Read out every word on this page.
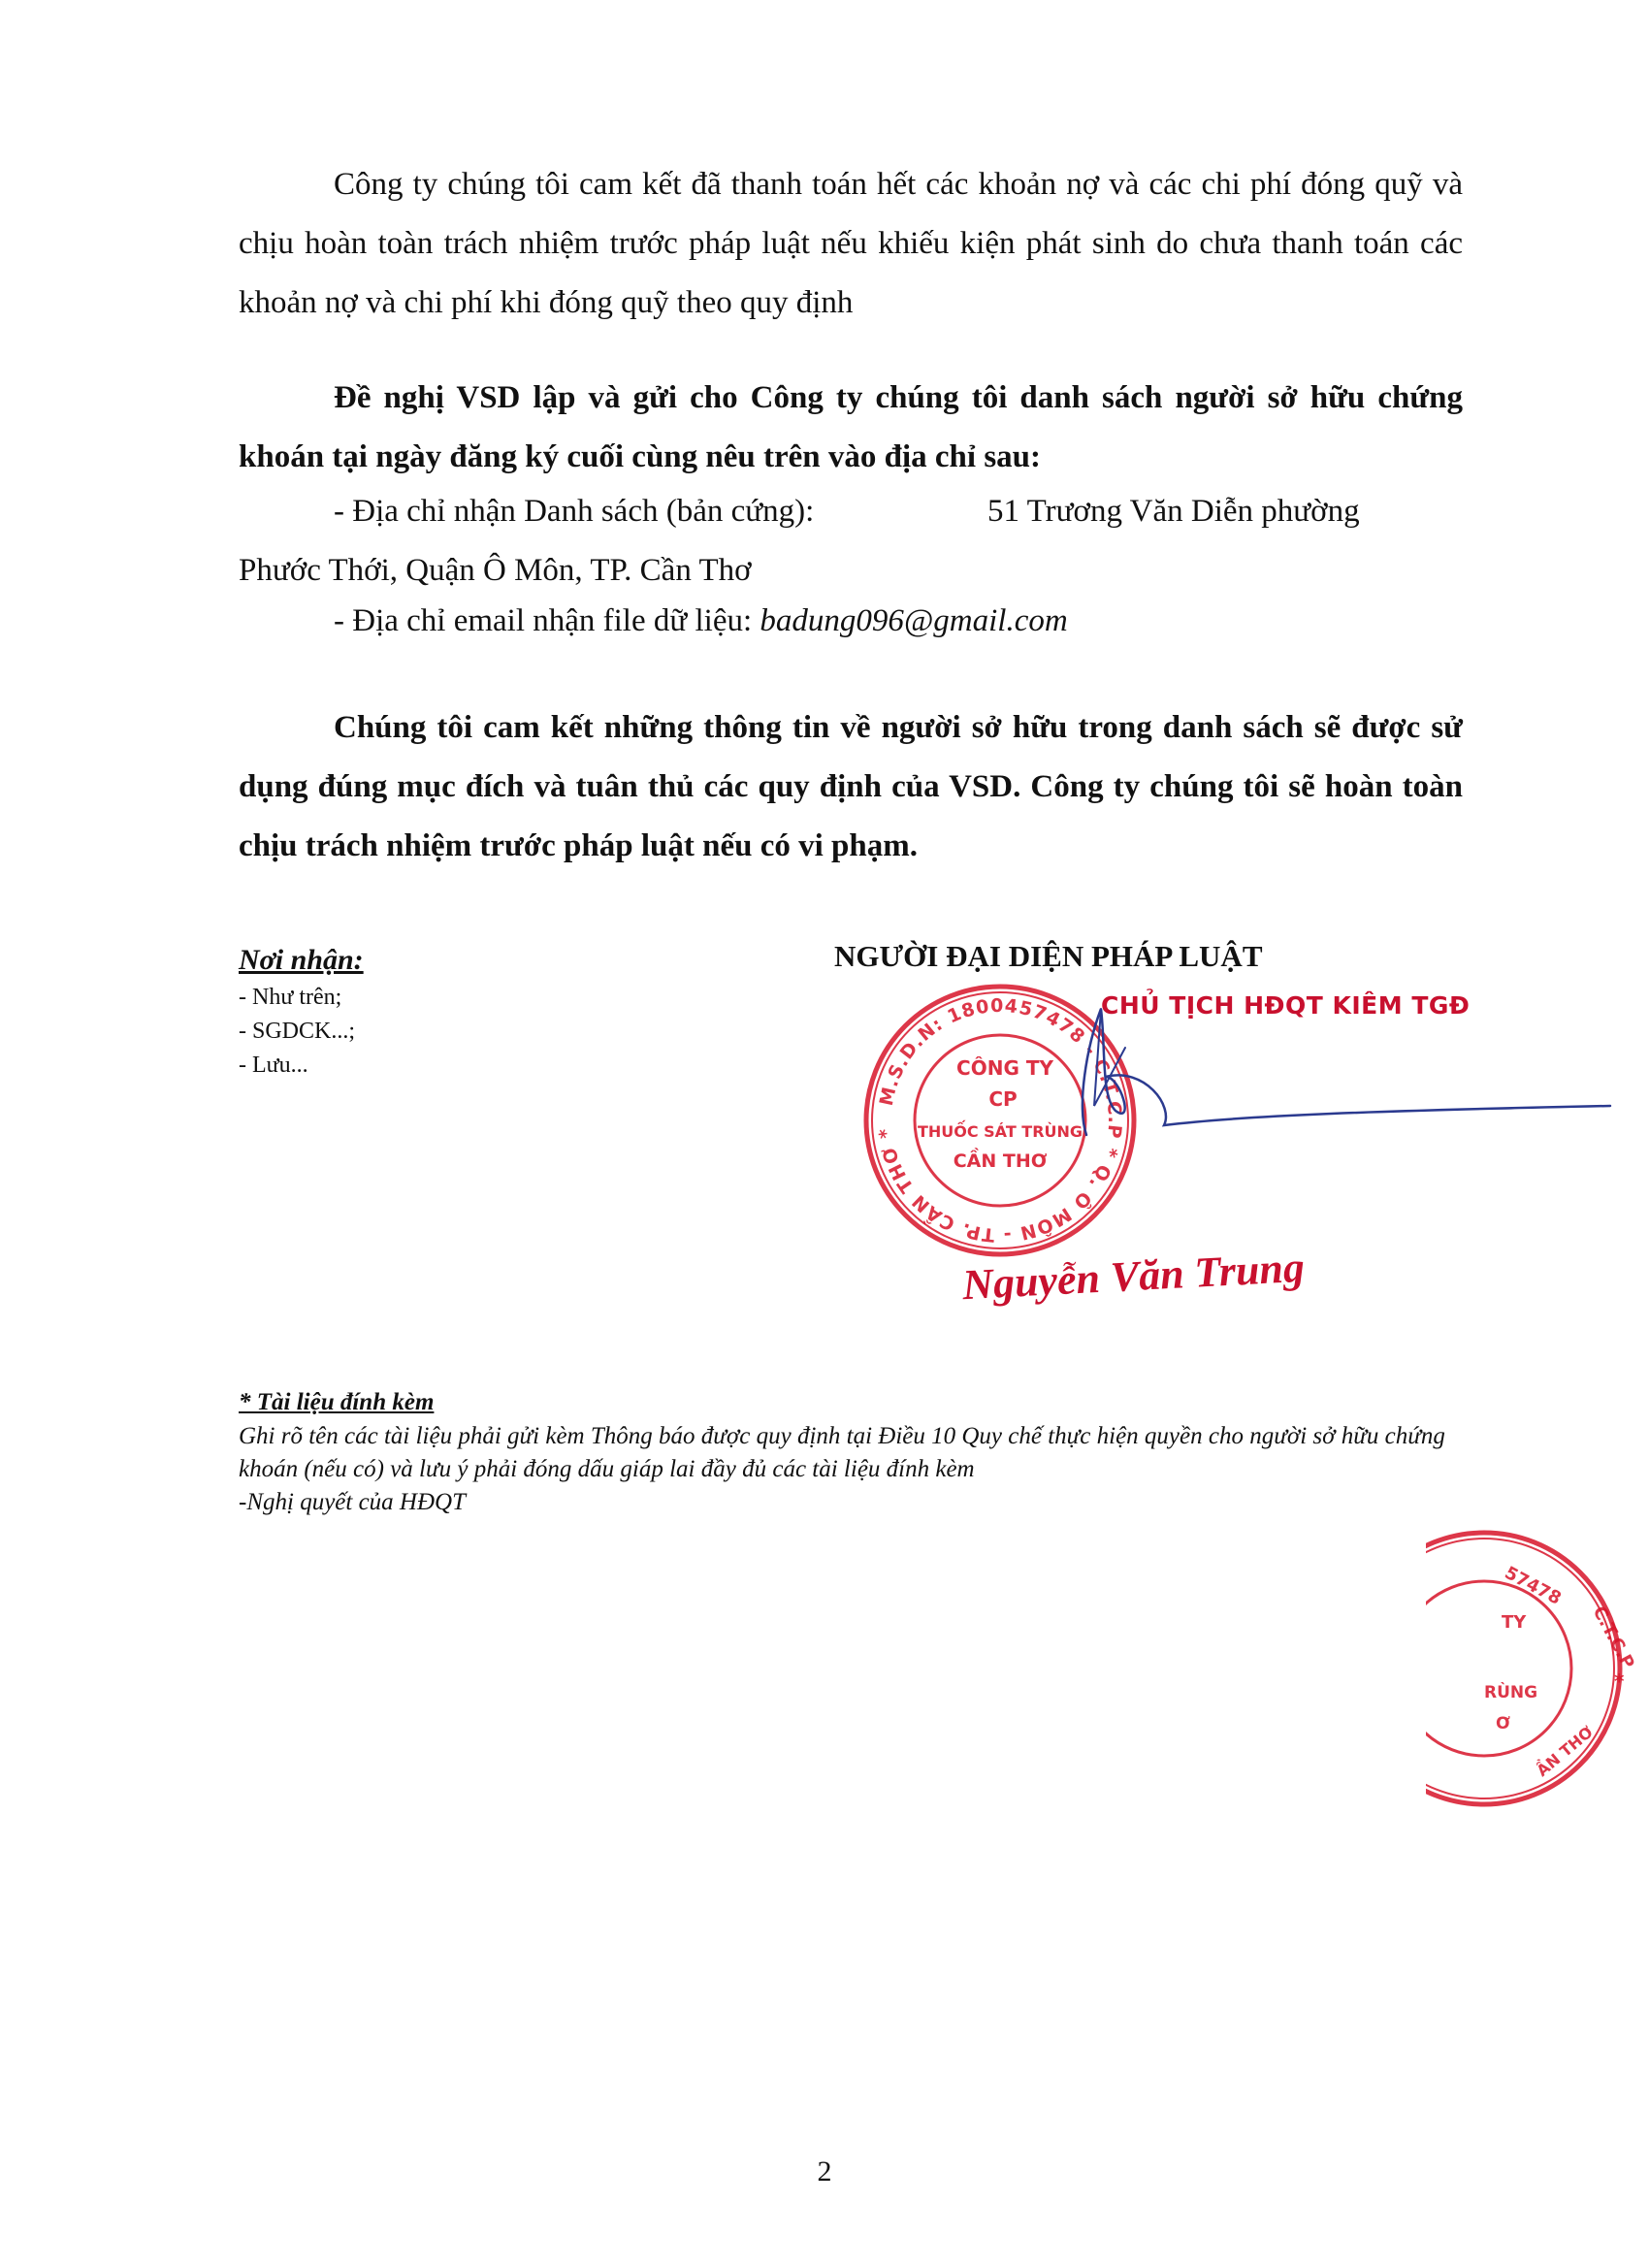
Công ty chúng tôi cam kết đã thanh toán hết các khoản nợ và các chi phí đóng quỹ và chịu hoàn toàn trách nhiệm trước pháp luật nếu khiếu kiện phát sinh do chưa thanh toán các khoản nợ và chi phí khi đóng quỹ theo quy định

Đề nghị VSD lập và gửi cho Công ty chúng tôi danh sách người sở hữu chứng khoán tại ngày đăng ký cuối cùng nêu trên vào địa chỉ sau:

- Địa chỉ nhận Danh sách (bản cứng):	51 Trương Văn Diễn phường

Phước Thới, Quận Ô Môn, TP. Cần Thơ

- Địa chỉ email nhận file dữ liệu: badung096@gmail.com

Chúng tôi cam kết những thông tin về người sở hữu trong danh sách sẽ được sử dụng đúng mục đích và tuân thủ các quy định của VSD. Công ty chúng tôi sẽ hoàn toàn chịu trách nhiệm trước pháp luật nếu có vi phạm.

Nơi nhận:
- Như trên;
- SGDCK...;
- Lưu...
NGƯỜI ĐẠI DIỆN PHÁP LUẬT
M.S.D.N: 1800457478 - C.T.C.P * Q. Ô MÔN - TP. CẦN THƠ *
CÔNG TY
CP
THUỐC SÁT TRÙNG
CẦN THƠ
CHỦ TỊCH HĐQT KIÊM TGĐ
Nguyễn Văn Trung
* Tài liệu đính kèm

Ghi rõ tên các tài liệu phải gửi kèm Thông báo được quy định tại Điều 10 Quy chế thực hiện quyền cho người sở hữu chứng khoán (nếu có) và lưu ý phải đóng dấu giáp lai đầy đủ các tài liệu đính kèm
-Nghị quyết của HĐQT

57478
C.T.C.P
TY
RÙNG
Ơ ẦN THƠ
*
2
